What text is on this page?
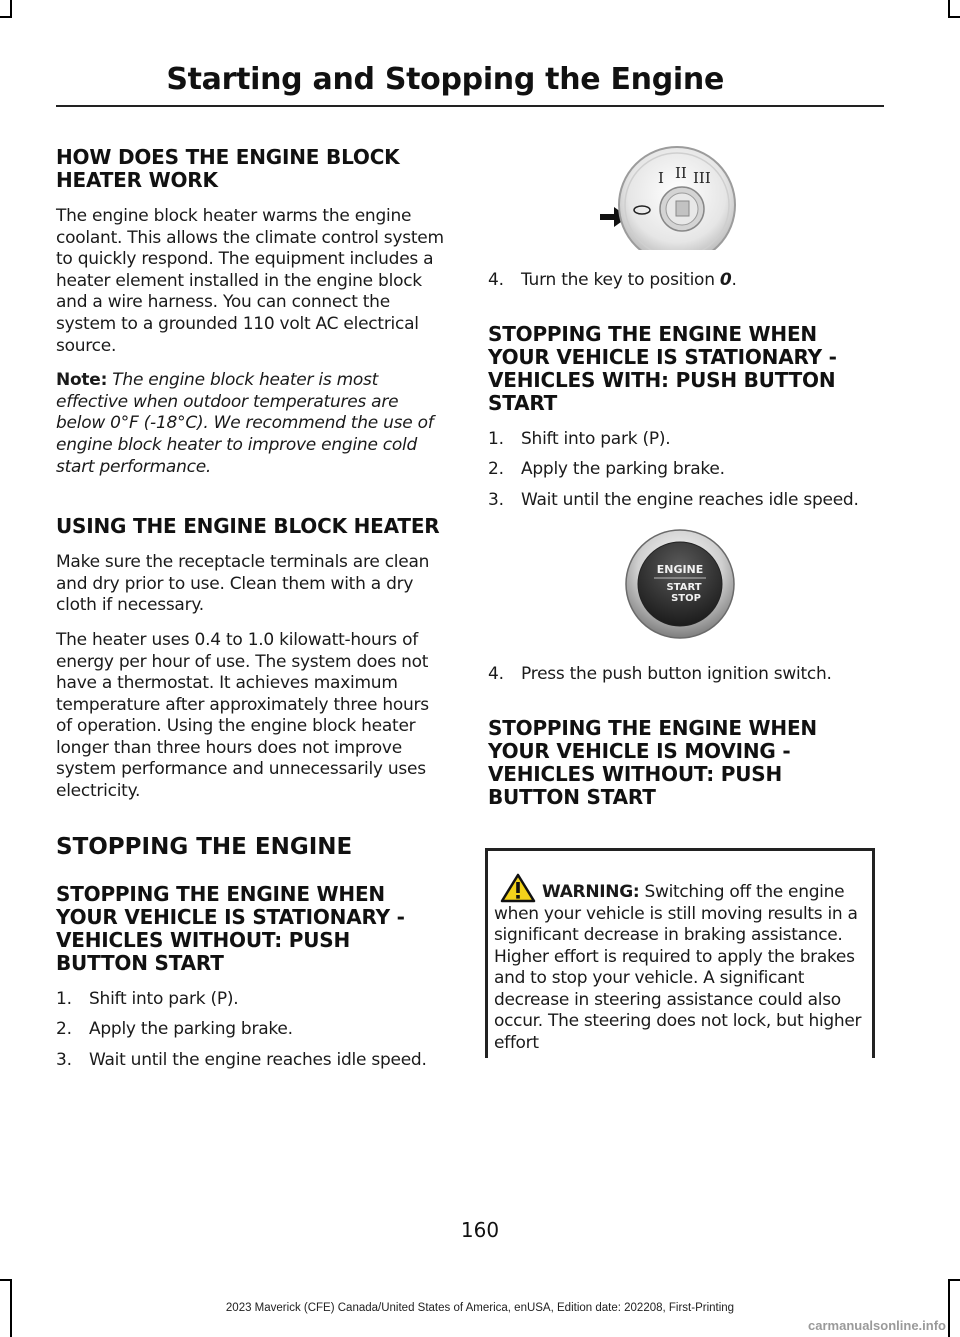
Starting and Stopping the Engine
HOW DOES THE ENGINE BLOCK HEATER WORK

The engine block heater warms the engine coolant. This allows the climate control system to quickly respond. The equipment includes a heater element installed in the engine block and a wire harness. You can connect the system to a grounded 110 volt AC electrical source.

Note: The engine block heater is most effective when outdoor temperatures are below 0°F (-18°C). We recommend the use of engine block heater to improve engine cold start performance.

USING THE ENGINE BLOCK HEATER

Make sure the receptacle terminals are clean and dry prior to use. Clean them with a dry cloth if necessary.

The heater uses 0.4 to 1.0 kilowatt-hours of energy per hour of use. The system does not have a thermostat. It achieves maximum temperature after approximately three hours of operation. Using the engine block heater longer than three hours does not improve system performance and unnecessarily uses electricity.

STOPPING THE ENGINE
STOPPING THE ENGINE WHEN YOUR VEHICLE IS STATIONARY - VEHICLES WITHOUT: PUSH BUTTON START
1. Shift into park (P).
2. Apply the parking brake.
3. Wait until the engine reaches idle speed.
I II III
4. Turn the key to position 0.
STOPPING THE ENGINE WHEN YOUR VEHICLE IS STATIONARY - VEHICLES WITH: PUSH BUTTON START
1. Shift into park (P).
2. Apply the parking brake.
3. Wait until the engine reaches idle speed.
ENGINE
START
STOP
4. Press the push button ignition switch.
STOPPING THE ENGINE WHEN YOUR VEHICLE IS MOVING - VEHICLES WITHOUT: PUSH BUTTON START

WARNING: Switching off the engine when your vehicle is still moving results in a significant decrease in braking assistance. Higher effort is required to apply the brakes and to stop your vehicle. A significant decrease in steering assistance could also occur. The steering does not lock, but higher effort

160
2023 Maverick (CFE) Canada/United States of America, enUSA, Edition date: 202208, First-Printing
carmanualsonline.info
